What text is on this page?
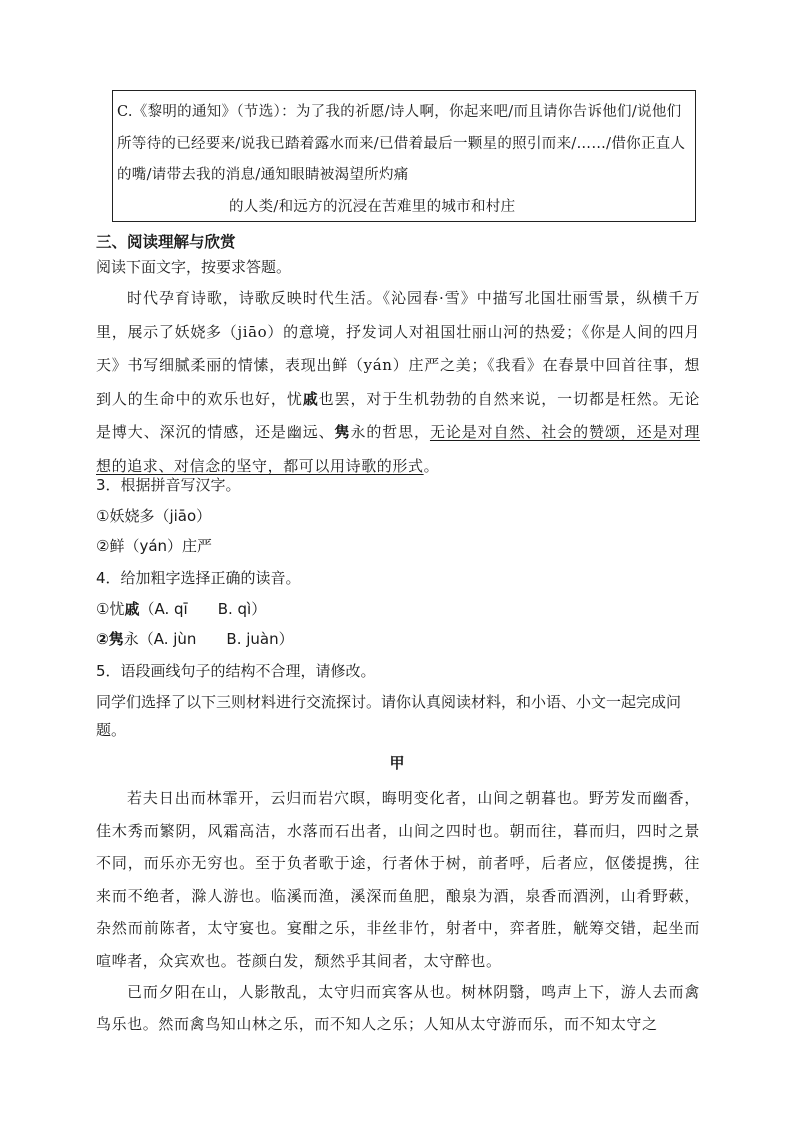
C.《黎明的通知》（节选）：为了我的祈愿/诗人啊，你起来吧/而且请你告诉他们/说他们所等待的已经要来/说我已踏着露水而来/已借着最后一颗星的照引而来/……/借你正直人的嘴/请带去我的消息/通知眼睛被渴望所灼痛
的人类/和远方的沉浸在苦难里的城市和村庄

三、阅读理解与欣赏
阅读下面文字，按要求答题。

时代孕育诗歌，诗歌反映时代生活。《沁园春·雪》中描写北国壮丽雪景，纵横千万里，展示了妖娆多（jiāo）的意境，抒发词人对祖国壮丽山河的热爱；《你是人间的四月天》书写细腻柔丽的情愫，表现出鲜（yán）庄严之美；《我看》在春景中回首往事，想到人的生命中的欢乐也好，忧戚也罢，对于生机勃勃的自然来说，一切都是枉然。无论是博大、深沉的情感，还是幽远、隽永的哲思，无论是对自然、社会的赞颂，还是对理想的追求、对信念的坚守，都可以用诗歌的形式。

3．根据拼音写汉字。
①妖娆多（jiāo）
②鲜（yán）庄严
4．给加粗字选择正确的读音。
①忧戚（A. qī　　B. qì）
②隽永（A. jùn　　B. juàn）
5．语段画线句子的结构不合理，请修改。
同学们选择了以下三则材料进行交流探讨。请你认真阅读材料，和小语、小文一起完成问题。
甲

若夫日出而林霏开，云归而岩穴暝，晦明变化者，山间之朝暮也。野芳发而幽香，佳木秀而繁阴，风霜高洁，水落而石出者，山间之四时也。朝而往，暮而归，四时之景不同，而乐亦无穷也。至于负者歌于途，行者休于树，前者呼，后者应，伛偻提携，往来而不绝者，滁人游也。临溪而渔，溪深而鱼肥，酿泉为酒，泉香而酒洌，山肴野蔌，杂然而前陈者，太守宴也。宴酣之乐，非丝非竹，射者中，弈者胜，觥筹交错，起坐而喧哗者，众宾欢也。苍颜白发，颓然乎其间者，太守醉也。

已而夕阳在山，人影散乱，太守归而宾客从也。树林阴翳，鸣声上下，游人去而禽鸟乐也。然而禽鸟知山林之乐，而不知人之乐；人知从太守游而乐，而不知太守之
